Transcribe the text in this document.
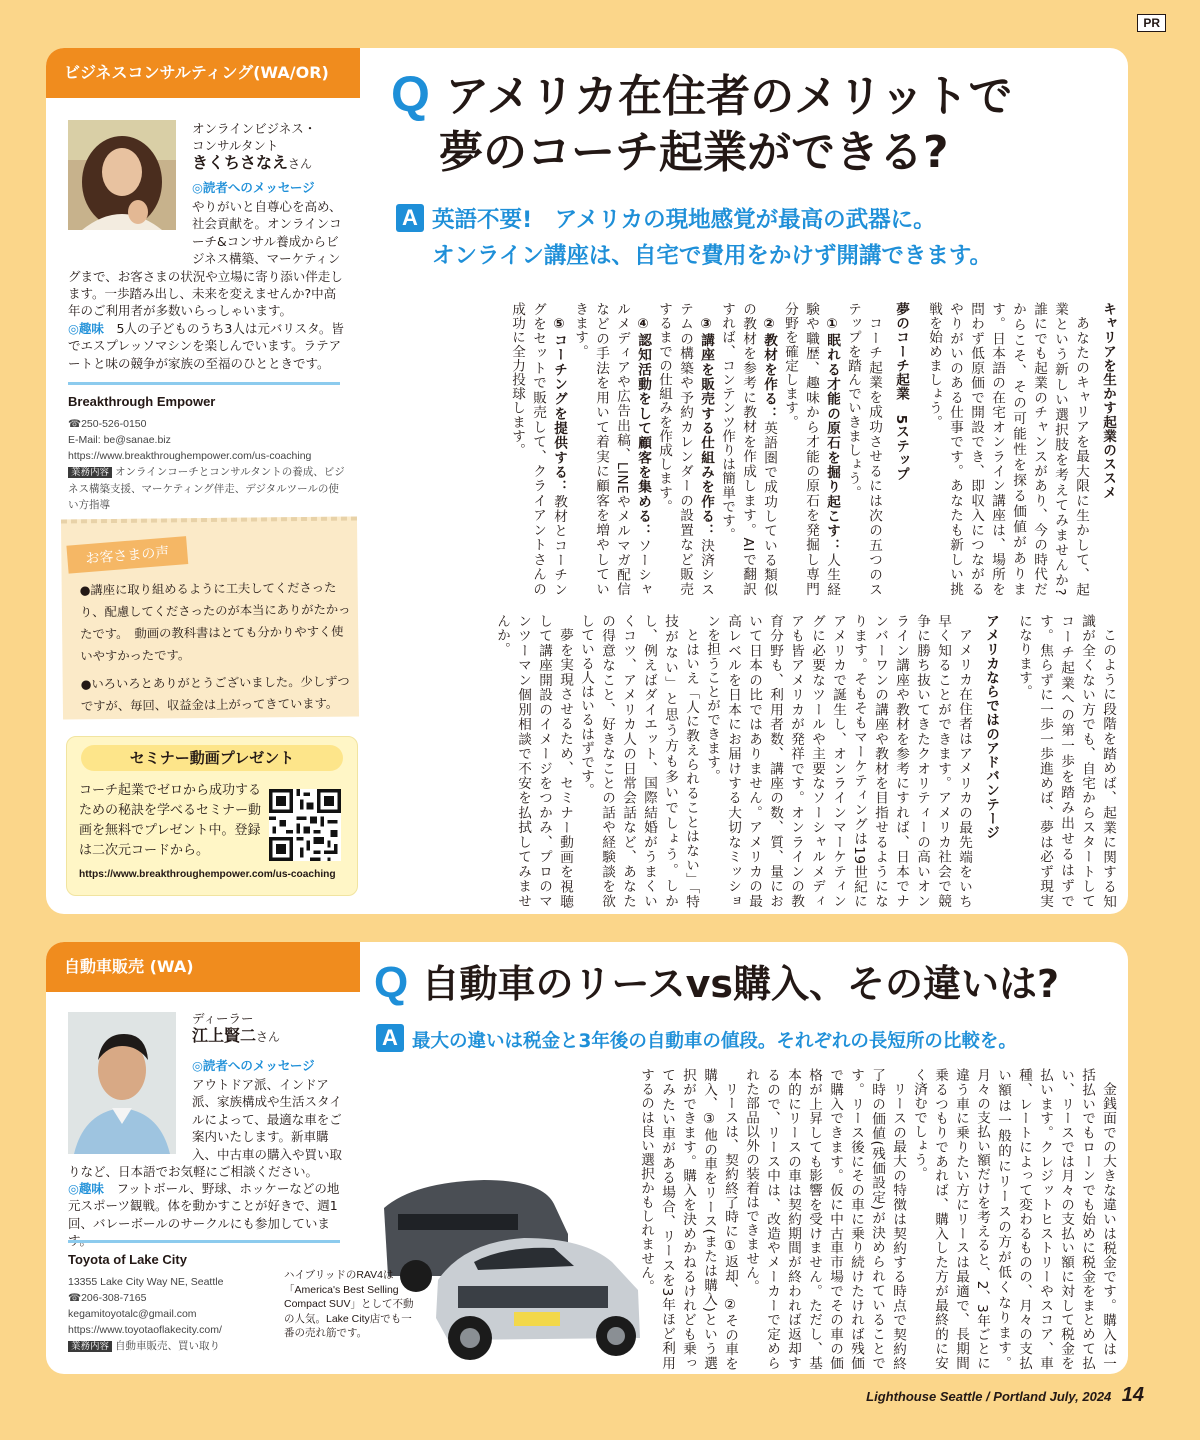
PR
ビジネスコンサルティング(WA/OR)	Q アメリカ在住者のメリットで
夢のコーチ起業ができる?
A 英語不要!　アメリカの現地感覚が最高の武器に。
オンライン講座は、自宅で費用をかけず開講できます。
オンラインビジネス・
コンサルタント
きくちさなえさん
◎読者へのメッセージ
やりがいと自尊心を高め、社会貢献を。オンラインコーチ&コンサル養成からビジネス構築、マーケティングまで、お客さまの状況や立場に寄り添い伴走します。一歩踏み出し、未来を変えませんか?中高年のご利用者が多数いらっしゃいます。
◎趣味　 5人の子どものうち3人は元バリスタ。皆でエスプレッソマシンを楽しんでいます。ラテアートと味の競争が家族の至福のひとときです。
Breakthrough Empower
☎250-526-0150
E-Mail: be@sanae.biz
https://www.breakthroughempower.com/us-coaching
業務内容 オンラインコーチとコンサルタントの養成、ビジネス構築支援、マーケティング伴走、デジタルツールの使い方指導
お客さまの声

●講座に取り組めるように工夫してくださったり、配慮してくださったのが本当にありがたかったです。　動画の教科書はとても分かりやすく使いやすかったです。

●いろいろとありがとうございました。少しずつですが、毎回、収益金は上がってきています。

セミナー動画プレゼント
コーチ起業でゼロから成功するための秘訣を学べるセミナー動画を無料でプレゼント中。登録は二次元コードから。
https://www.breakthroughempower.com/us-coaching

キャリアを生かす起業のススメ

あなたのキャリアを最大限に生かして、起業という新しい選択肢を考えてみませんか?　誰にでも起業のチャンスがあり、今の時代だからこそ、その可能性を探る価値があります。日本語の在宅オンライン講座は、場所を問わず低原価で開設でき、即収入につながるやりがいのある仕事です。あなたも新しい挑戦を始めましょう。

夢のコーチ起業　5ステップ

コーチ起業を成功させるには次の五つのステップを踏んでいきましょう。

①眠れる才能の原石を掘り起こす：人生経験や職歴、趣味から才能の原石を発掘し専門分野を確定します。

②教材を作る：英語圏で成功している類似の教材を参考に教材を作成します。AIで翻訳すれば、コンテンツ作りは簡単です。

③講座を販売する仕組みを作る：決済システムの構築や予約カレンダーの設置など販売するまでの仕組みを作成します。

④認知活動をして顧客を集める：ソーシャルメディアや広告出稿、LINEやメルマガ配信などの手法を用いて着実に顧客を増やしていきます。

⑤コーチングを提供する：教材とコーチングをセットで販売して、クライアントさんの成功に全力投球します。

このように段階を踏めば、起業に関する知識が全くない方でも、自宅からスタートしてコーチ起業への第一歩を踏み出せるはずです。焦らずに一歩一歩進めば、夢は必ず現実になります。

アメリカならではのアドバンテージ

アメリカ在住者はアメリカの最先端をいち早く知ることができます。アメリカ社会で競争に勝ち抜いてきたクオリティーの高いオンライン講座や教材を参考にすれば、日本でナンバーワンの講座や教材を目指せるようになります。そもそもマーケティングは19世紀にアメリカで誕生し、オンラインマーケティングに必要なツールや主要なソーシャルメディアも皆アメリカが発祥です。オンラインの教育分野も、利用者数、講座の数、質、量において日本の比ではありません。アメリカの最高レベルを日本にお届けする大切なミッションを担うことができます。

とはいえ「人に教えられることはない」「特技がない」と思う方も多いでしょう。しかし、例えばダイエット、国際結婚がうまくいくコツ、アメリカ人の日常会話など、あなたの得意なこと、好きなことの話や経験談を欲している人はいるはずです。

夢を実現させるため、セミナー動画を視聴して講座開設のイメージをつかみ、プロのマンツーマン個別相談で不安を払拭してみませんか。

自動車販売 (WA)	Q 自動車のリースvs購入、その違いは?
A 最大の違いは税金と3年後の自動車の値段。それぞれの長短所の比較を。
ディーラー
江上賢二さん
◎読者へのメッセージ
アウトドア派、インドア派、家族構成や生活スタイルによって、最適な車をご案内いたします。新車購入、中古車の購入や買い取りなど、日本語でお気軽にご相談ください。
◎趣味　 フットボール、野球、ホッケーなどの地元スポーツ観戦。体を動かすことが好きで、週1回、バレーボールのサークルにも参加していま
Toyota of Lake City
13355 Lake City Way NE, Seattle
☎206-308-7165
kegamitoyotalc@gmail.com
https://www.toyotaoflakecity.com/
業務内容 自動車販売、買い取り
ハイブリッドのRAV4は「America's Best Selling Compact SUV」として不動の人気。Lake City店でも一番の売れ筋です。	金銭面での大きな違いは税金です。購入は一括払いでもローンでも始めに税金をまとめて払い、リースでは月々の支払い額に対して税金を払います。クレジットヒストリーやスコア、車種、レートによって変わるものの、月々の支払い額は一般的にリースの方が低くなります。月々の支払い額だけを考えると、2、3年ごとに違う車に乗りたい方にリースは最適で、長期間乗るつもりであれば、購入した方が最終的に安く済むでしょう。

リースの最大の特徴は契約する時点で契約終了時の価値(残価設定)が決められていることです。リース後にその車に乗り続けたければ残価で購入できます。仮に中古車市場でその車の価格が上昇しても影響を受けません。ただし、基本的にリースの車は契約期間が終われば返却するので、リース中は、改造やメーカーで定められた部品以外の装着はできません。

リースは、契約終了時に①返却、②その車を購入、③他の車をリース(または購入)という選択ができます。購入を決めかねるけれども乗ってみたい車がある場合、リースを3年ほど利用するのは良い選択かもしれません。

Lighthouse Seattle / Portland July, 2024 14
